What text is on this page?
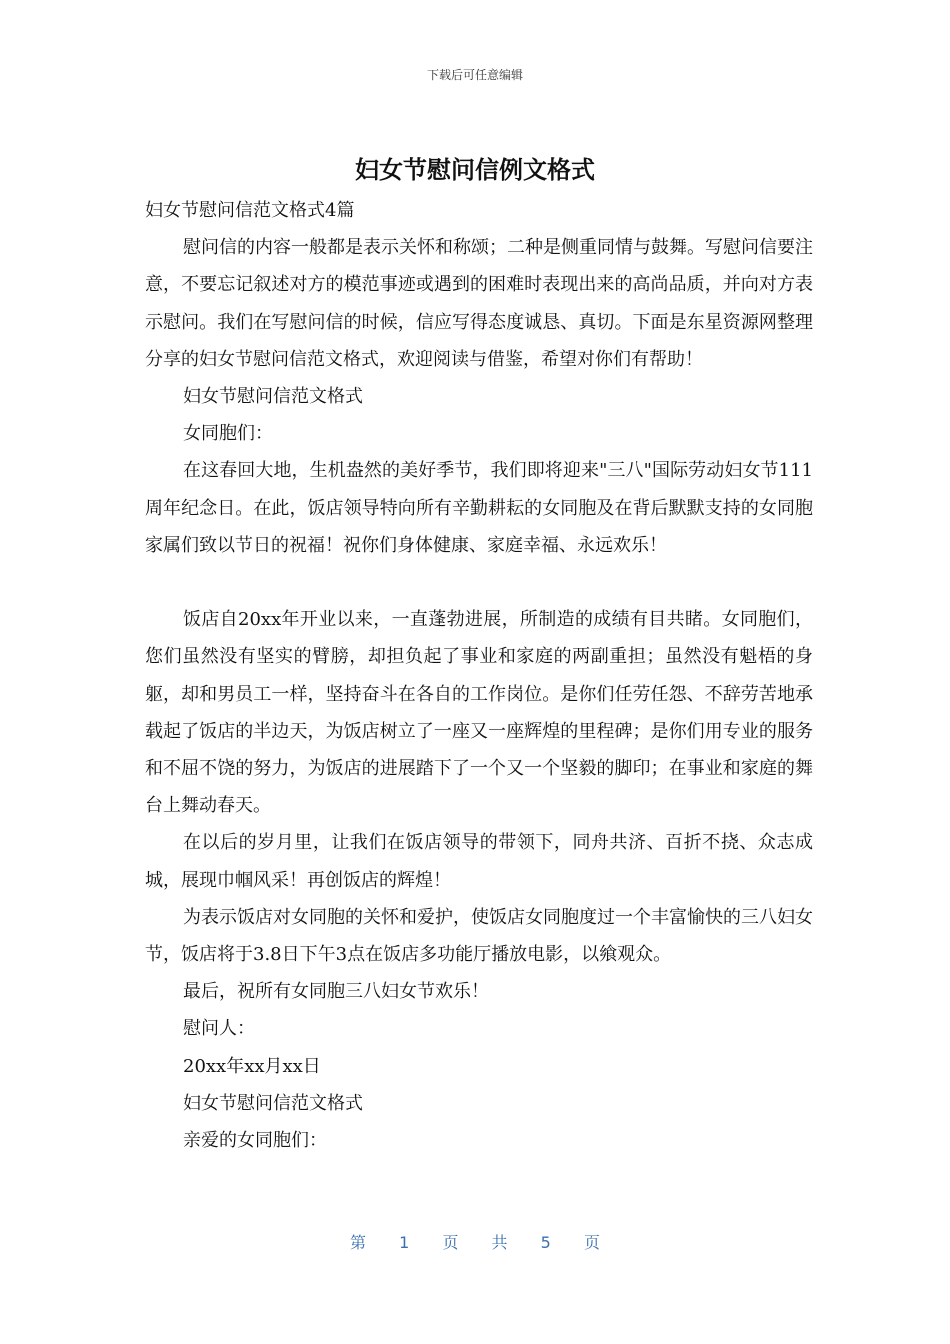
下载后可任意编辑
妇女节慰问信例文格式

妇女节慰问信范文格式4篇

慰问信的内容一般都是表示关怀和称颂；二种是侧重同情与鼓舞。写慰问信要注意，不要忘记叙述对方的模范事迹或遇到的困难时表现出来的高尚品质，并向对方表示慰问。我们在写慰问信的时候，信应写得态度诚恳、真切。下面是东星资源网整理分享的妇女节慰问信范文格式，欢迎阅读与借鉴，希望对你们有帮助！

妇女节慰问信范文格式

女同胞们：

在这春回大地，生机盎然的美好季节，我们即将迎来"三八"国际劳动妇女节111周年纪念日。在此，饭店领导特向所有辛勤耕耘的女同胞及在背后默默支持的女同胞家属们致以节日的祝福！祝你们身体健康、家庭幸福、永远欢乐！

饭店自20xx年开业以来，一直蓬勃进展，所制造的成绩有目共睹。女同胞们，您们虽然没有坚实的臂膀，却担负起了事业和家庭的两副重担；虽然没有魁梧的身躯，却和男员工一样，坚持奋斗在各自的工作岗位。是你们任劳任怨、不辞劳苦地承载起了饭店的半边天，为饭店树立了一座又一座辉煌的里程碑；是你们用专业的服务和不屈不饶的努力，为饭店的进展踏下了一个又一个坚毅的脚印；在事业和家庭的舞台上舞动春天。

在以后的岁月里，让我们在饭店领导的带领下，同舟共济、百折不挠、众志成城，展现巾帼风采！再创饭店的辉煌！

为表示饭店对女同胞的关怀和爱护，使饭店女同胞度过一个丰富愉快的三八妇女节，饭店将于3.8日下午3点在饭店多功能厅播放电影，以飨观众。

最后，祝所有女同胞三八妇女节欢乐！

慰问人：

20xx年xx月xx日

妇女节慰问信范文格式

亲爱的女同胞们：

第 1 页 共 5 页
